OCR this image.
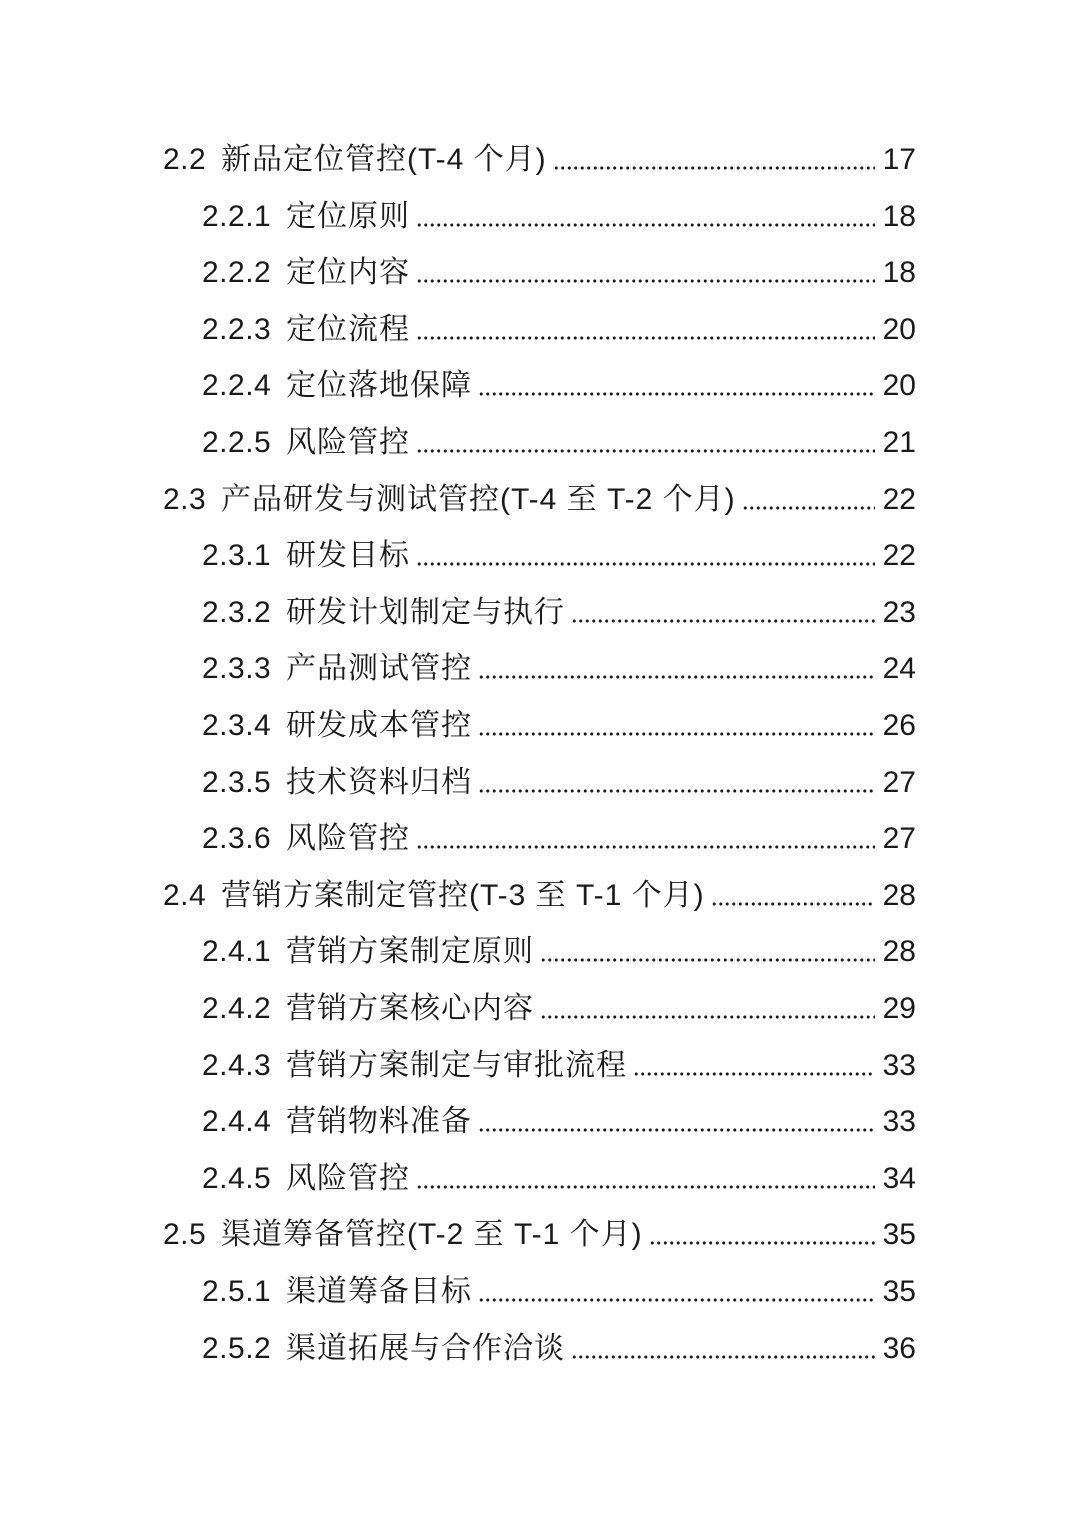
2.2 新品定位管控(T-4 个月)	17
2.2.1 定位原则	18
2.2.2 定位内容	18
2.2.3 定位流程	20
2.2.4 定位落地保障	20
2.2.5 风险管控	21
2.3 产品研发与测试管控(T-4 至 T-2 个月)	22
2.3.1 研发目标	22
2.3.2 研发计划制定与执行	23
2.3.3 产品测试管控	24
2.3.4 研发成本管控	26
2.3.5 技术资料归档	27
2.3.6 风险管控	27
2.4 营销方案制定管控(T-3 至 T-1 个月)	28
2.4.1 营销方案制定原则	28
2.4.2 营销方案核心内容	29
2.4.3 营销方案制定与审批流程	33
2.4.4 营销物料准备	33
2.4.5 风险管控	34
2.5 渠道筹备管控(T-2 至 T-1 个月)	35
2.5.1 渠道筹备目标	35
2.5.2 渠道拓展与合作洽谈	36
